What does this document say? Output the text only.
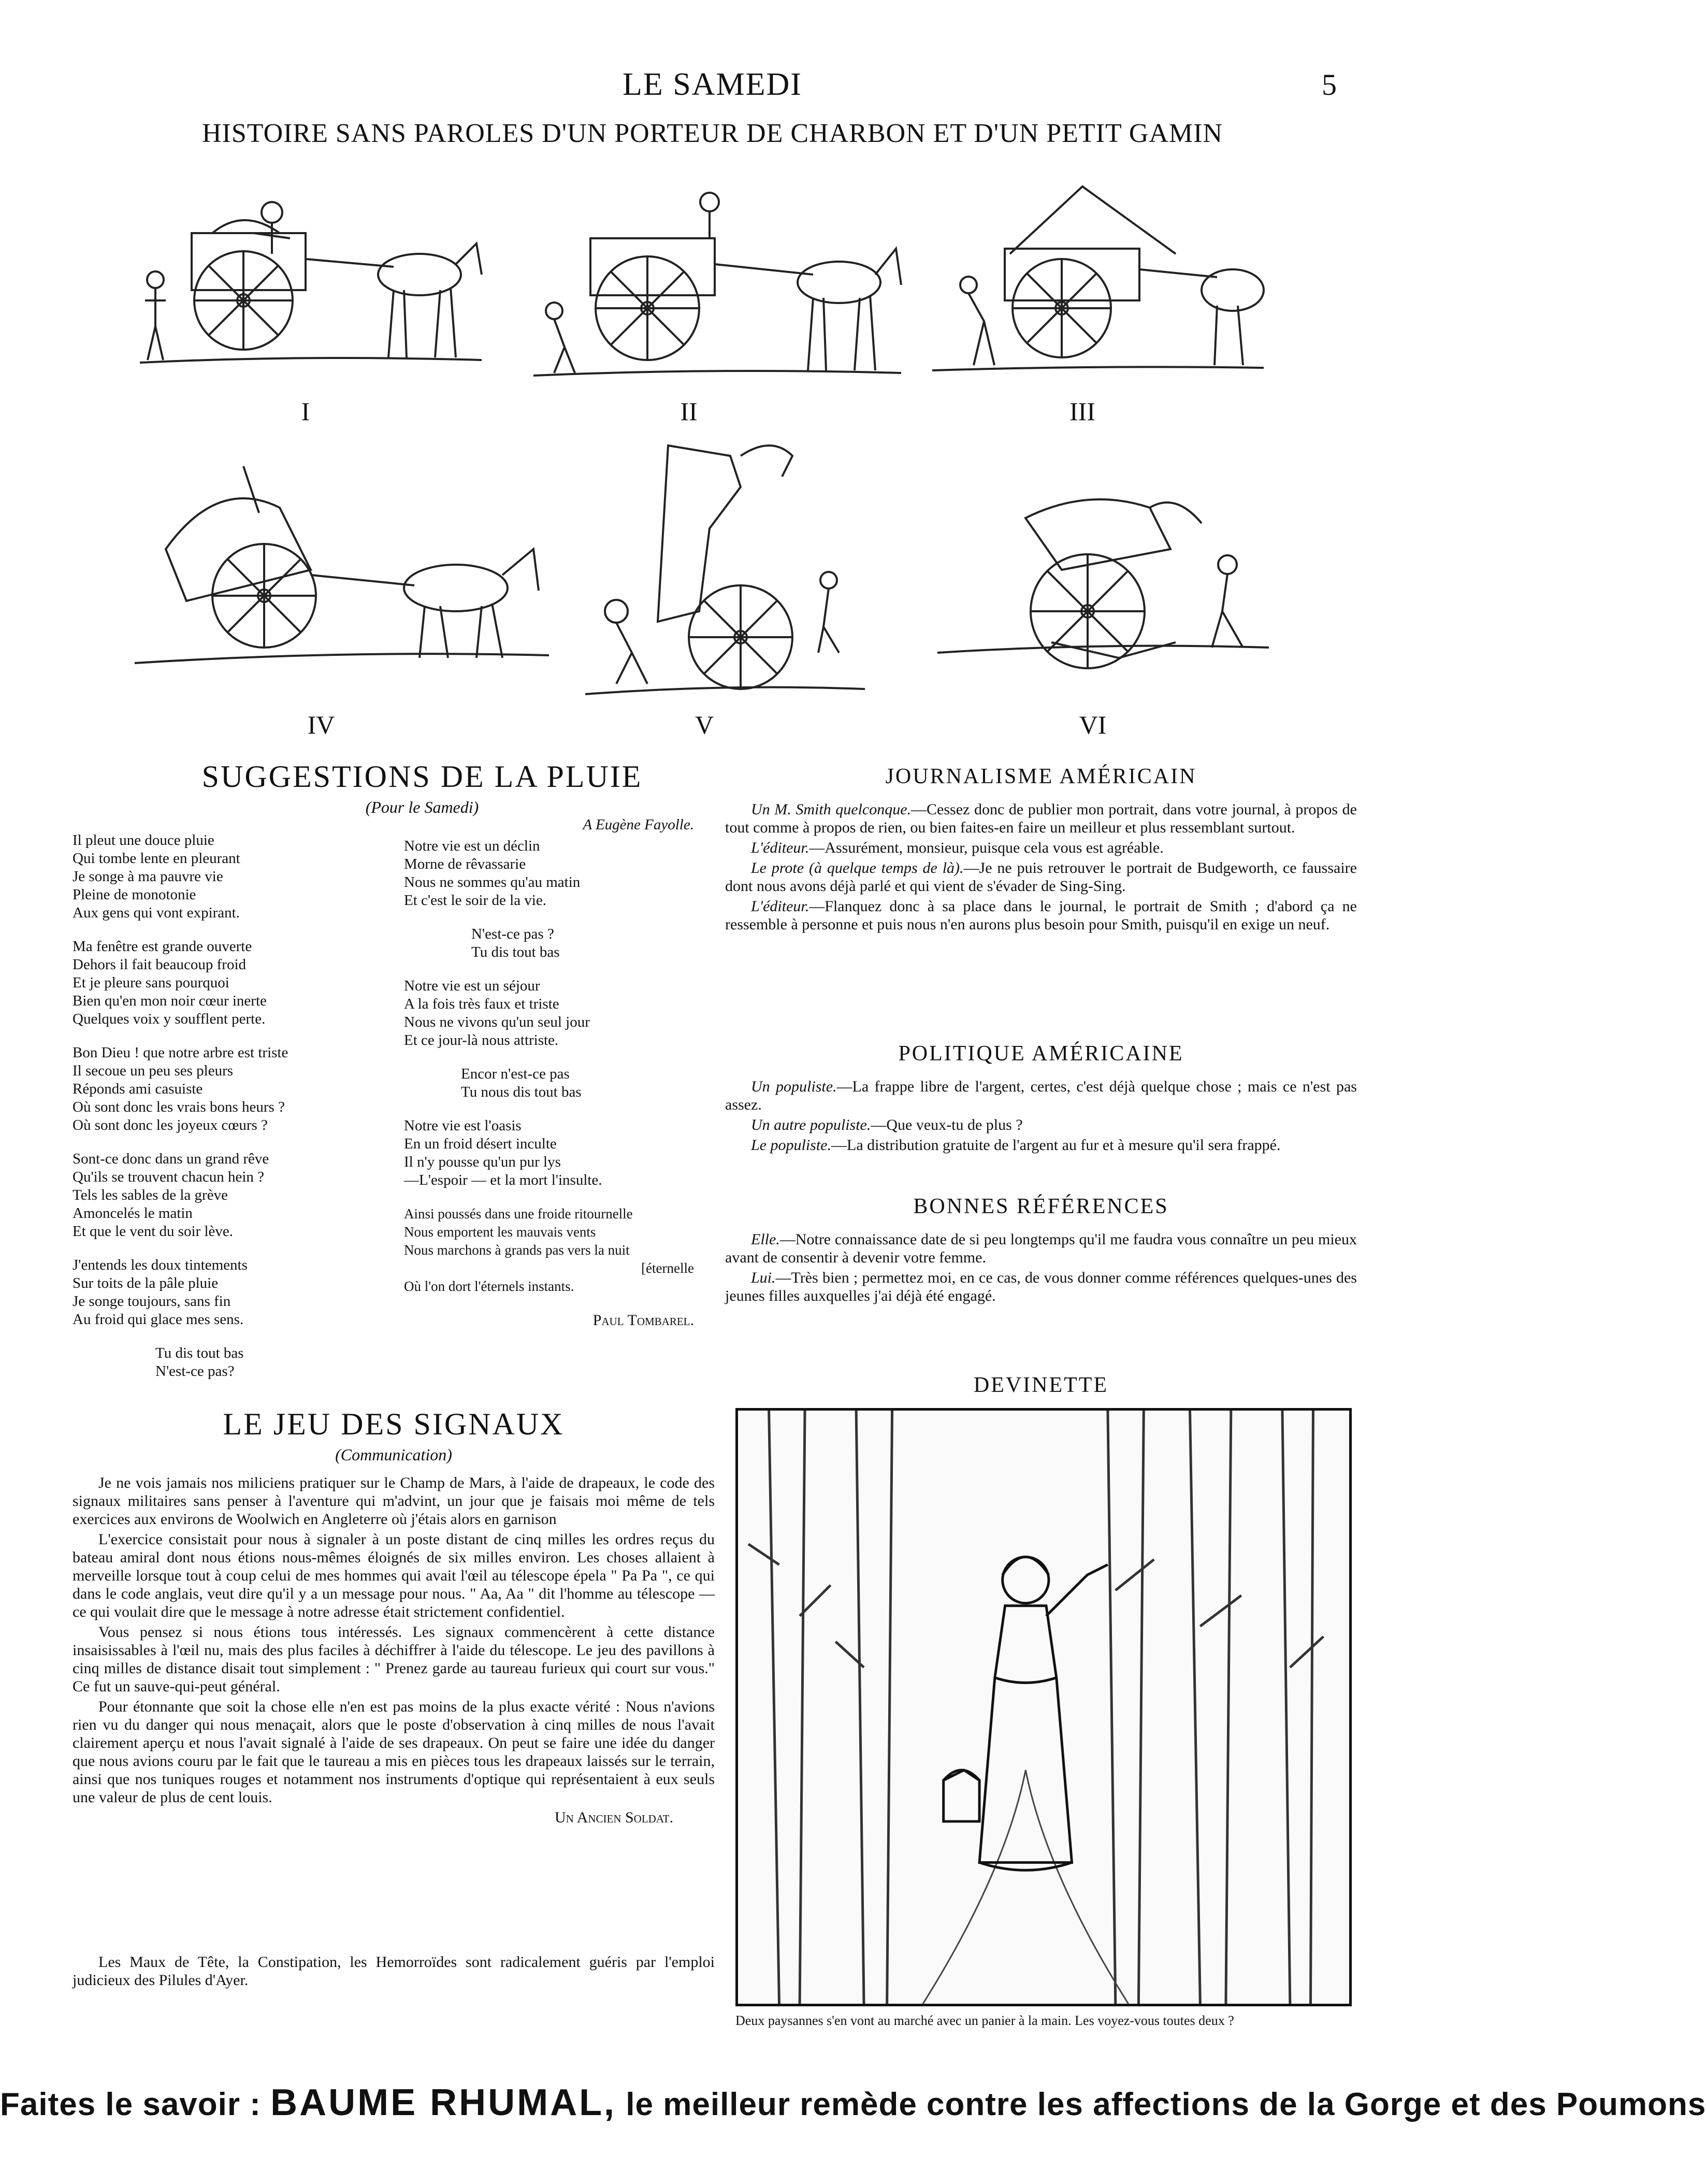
LE SAMEDI	5
HISTOIRE SANS PAROLES D'UN PORTEUR DE CHARBON ET D'UN PETIT GAMIN
I	II	III
IV	V	VI
SUGGESTIONS DE LA PLUIE
(Pour le Samedi)
Il pleut une douce pluie
Qui tombe lente en pleurant
Je songe à ma pauvre vie
Pleine de monotonie
Aux gens qui vont expirant.
Ma fenêtre est grande ouverte
Dehors il fait beaucoup froid
Et je pleure sans pourquoi
Bien qu'en mon noir cœur inerte
Quelques voix y soufflent perte.
Bon Dieu ! que notre arbre est triste
Il secoue un peu ses pleurs
Réponds ami casuiste
Où sont donc les vrais bons heurs ?
Où sont donc les joyeux cœurs ?
Sont-ce donc dans un grand rêve
Qu'ils se trouvent chacun hein ?
Tels les sables de la grève
Amoncelés le matin
Et que le vent du soir lève.
J'entends les doux tintements
Sur toits de la pâle pluie
Je songe toujours, sans fin
Au froid qui glace mes sens.
Tu dis tout bas
N'est-ce pas?
A Eugène Fayolle.
Notre vie est un déclin
Morne de rêvassarie
Nous ne sommes qu'au matin
Et c'est le soir de la vie.
N'est-ce pas ?
Tu dis tout bas
Notre vie est un séjour
A la fois très faux et triste
Nous ne vivons qu'un seul jour
Et ce jour-là nous attriste.
Encor n'est-ce pas
Tu nous dis tout bas
Notre vie est l'oasis
En un froid désert inculte
Il n'y pousse qu'un pur lys
—L'espoir — et la mort l'insulte.
Ainsi poussés dans une froide ritournelle
Nous emportent les mauvais vents
Nous marchons à grands pas vers la nuit
[éternelle
Où l'on dort l'éternels instants.
Paul Tombarel.
LE JEU DES SIGNAUX
(Communication)

Je ne vois jamais nos miliciens pratiquer sur le Champ de Mars, à l'aide de drapeaux, le code des signaux militaires sans penser à l'aventure qui m'advint, un jour que je faisais moi même de tels exercices aux environs de Woolwich en Angleterre où j'étais alors en garnison

L'exercice consistait pour nous à signaler à un poste distant de cinq milles les ordres reçus du bateau amiral dont nous étions nous-mêmes éloignés de six milles environ. Les choses allaient à merveille lorsque tout à coup celui de mes hommes qui avait l'œil au télescope épela " Pa Pa ", ce qui dans le code anglais, veut dire qu'il y a un message pour nous. " Aa, Aa " dit l'homme au télescope — ce qui voulait dire que le message à notre adresse était strictement confidentiel.

Vous pensez si nous étions tous intéressés. Les signaux commencèrent à cette distance insaisissables à l'œil nu, mais des plus faciles à déchiffrer à l'aide du télescope. Le jeu des pavillons à cinq milles de distance disait tout simplement : " Prenez garde au taureau furieux qui court sur vous." Ce fut un sauve-qui-peut général.

Pour étonnante que soit la chose elle n'en est pas moins de la plus exacte vérité : Nous n'avions rien vu du danger qui nous menaçait, alors que le poste d'observation à cinq milles de nous l'avait clairement aperçu et nous l'avait signalé à l'aide de ses drapeaux. On peut se faire une idée du danger que nous avions couru par le fait que le taureau a mis en pièces tous les drapeaux laissés sur le terrain, ainsi que nos tuniques rouges et notamment nos instruments d'optique qui représentaient à eux seuls une valeur de plus de cent louis.

Un Ancien Soldat.

Les Maux de Tête, la Constipation, les Hemorroïdes sont radicalement guéris par l'emploi judicieux des Pilules d'Ayer.

JOURNALISME AMÉRICAIN

Un M. Smith quelconque.—Cessez donc de publier mon portrait, dans votre journal, à propos de tout comme à propos de rien, ou bien faites-en faire un meilleur et plus ressemblant surtout.

L'éditeur.—Assurément, monsieur, puisque cela vous est agréable.

Le prote (à quelque temps de là).—Je ne puis retrouver le portrait de Budgeworth, ce faussaire dont nous avons déjà parlé et qui vient de s'évader de Sing-Sing.

L'éditeur.—Flanquez donc à sa place dans le journal, le portrait de Smith ; d'abord ça ne ressemble à personne et puis nous n'en aurons plus besoin pour Smith, puisqu'il en exige un neuf.

POLITIQUE AMÉRICAINE

Un populiste.—La frappe libre de l'argent, certes, c'est déjà quelque chose ; mais ce n'est pas assez.

Un autre populiste.—Que veux-tu de plus ?

Le populiste.—La distribution gratuite de l'argent au fur et à mesure qu'il sera frappé.

BONNES RÉFÉRENCES

Elle.—Notre connaissance date de si peu longtemps qu'il me faudra vous connaître un peu mieux avant de consentir à devenir votre femme.

Lui.—Très bien ; permettez moi, en ce cas, de vous donner comme références quelques-unes des jeunes filles auxquelles j'ai déjà été engagé.

DEVINETTE

Deux paysannes s'en vont au marché avec un panier à la main. Les voyez-vous toutes deux ?

Faites le savoir : BAUME RHUMAL, le meilleur remède contre les affections de la Gorge et des Poumons
